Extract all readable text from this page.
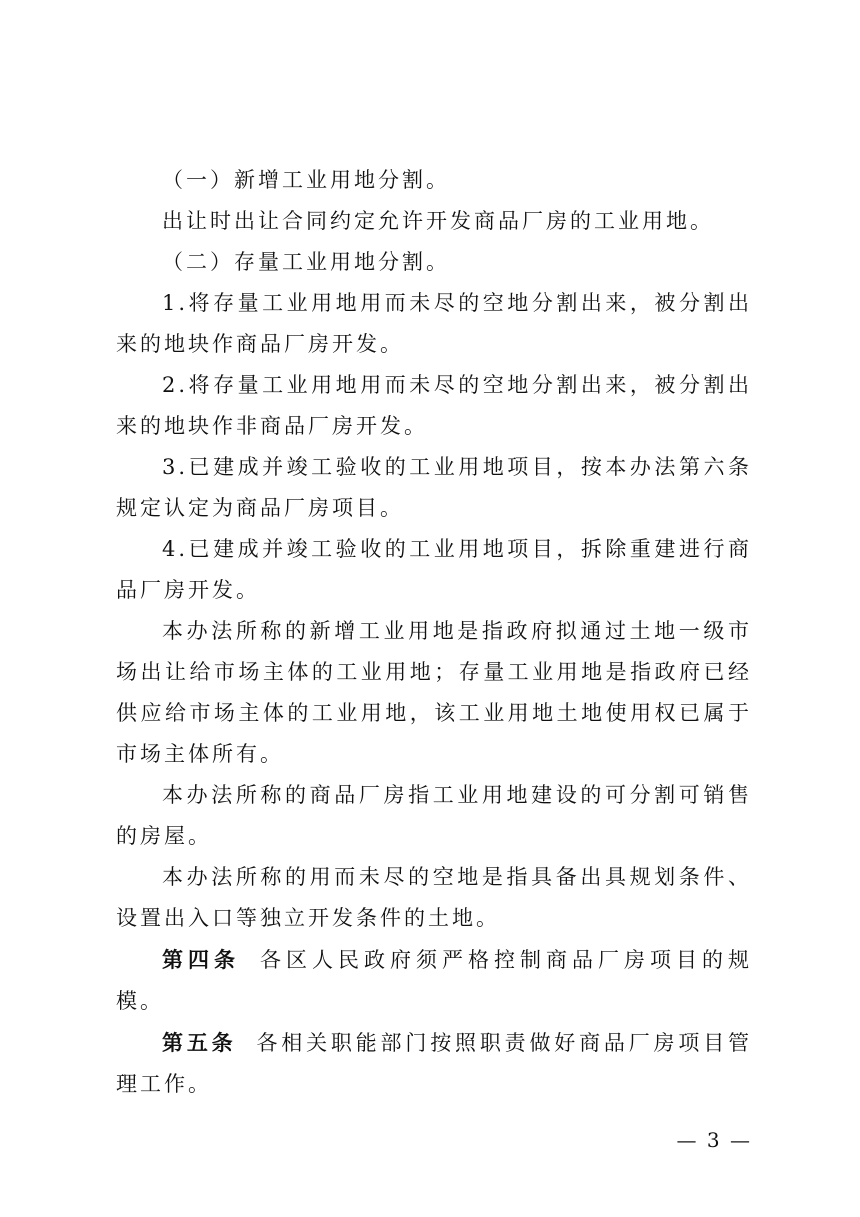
（一）新增工业用地分割。

出让时出让合同约定允许开发商品厂房的工业用地。

（二）存量工业用地分割。

1.将存量工业用地用而未尽的空地分割出来，被分割出来的地块作商品厂房开发。

2.将存量工业用地用而未尽的空地分割出来，被分割出来的地块作非商品厂房开发。

3.已建成并竣工验收的工业用地项目，按本办法第六条规定认定为商品厂房项目。

4.已建成并竣工验收的工业用地项目，拆除重建进行商品厂房开发。

本办法所称的新增工业用地是指政府拟通过土地一级市场出让给市场主体的工业用地；存量工业用地是指政府已经供应给市场主体的工业用地，该工业用地土地使用权已属于市场主体所有。

本办法所称的商品厂房指工业用地建设的可分割可销售的房屋。

本办法所称的用而未尽的空地是指具备出具规划条件、设置出入口等独立开发条件的土地。

第四条 各区人民政府须严格控制商品厂房项目的规模。

第五条 各相关职能部门按照职责做好商品厂房项目管理工作。

— 3 —
